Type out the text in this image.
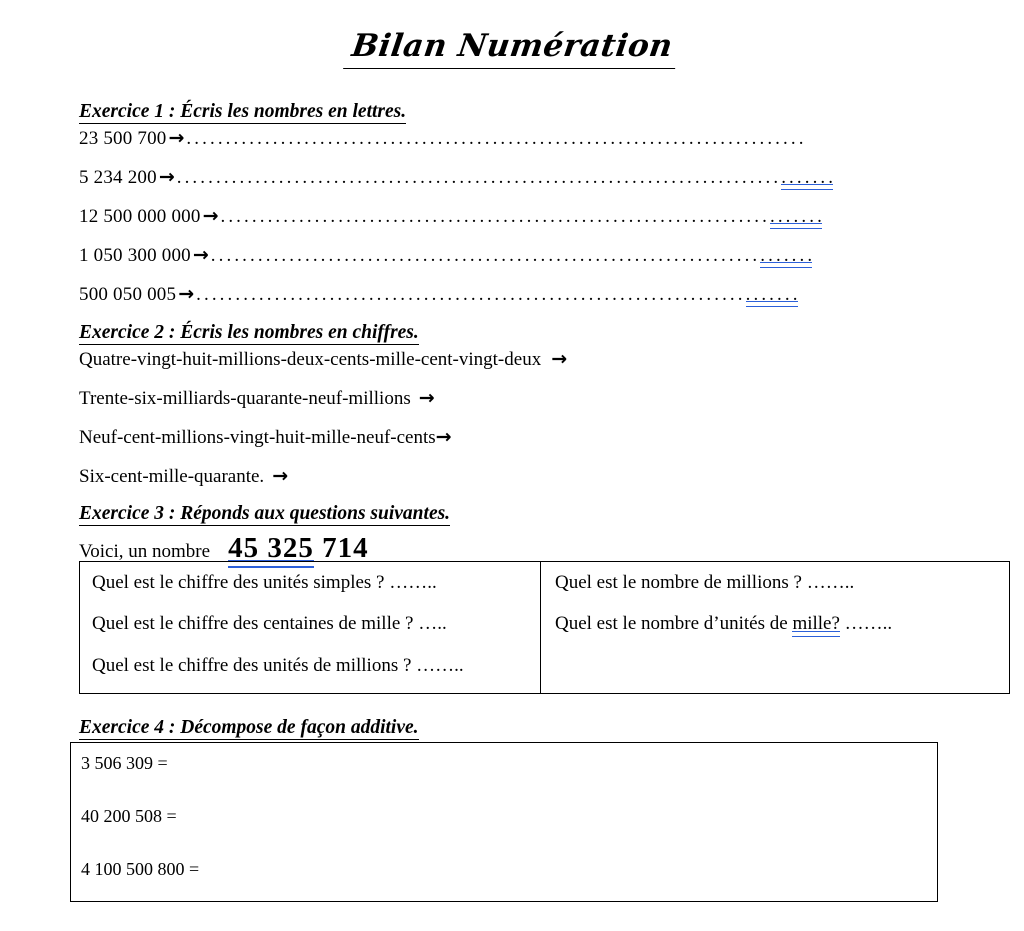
Bilan Numération
Exercice 1 : Écris les nombres en lettres.
23 500 700 → ...............................................................................
5 234 200 → ............................................................................. .......
12 500 000 000 → ...................................................................... .......
1 050 300 000 → ...................................................................... .......
500 050 005 → ...................................................................... .......
Exercice 2 : Écris les nombres en chiffres.
Quatre-vingt-huit-millions-deux-cents-mille-cent-vingt-deux →
Trente-six-milliards-quarante-neuf-millions →
Neuf-cent-millions-vingt-huit-mille-neuf-cents →
Six-cent-mille-quarante. →
Exercice 3 : Réponds aux questions suivantes.
Voici, un nombre 45 325 714
Quel est le chiffre des unités simples ? ……..
Quel est le chiffre des centaines de mille ? …..
Quel est le chiffre des unités de millions ? ……..
Quel est le nombre de millions ? ……..
Quel est le nombre d’unités de mille? ……..
Exercice 4 : Décompose de façon additive.
3 506 309 =
40 200 508 =
4 100 500 800 =
